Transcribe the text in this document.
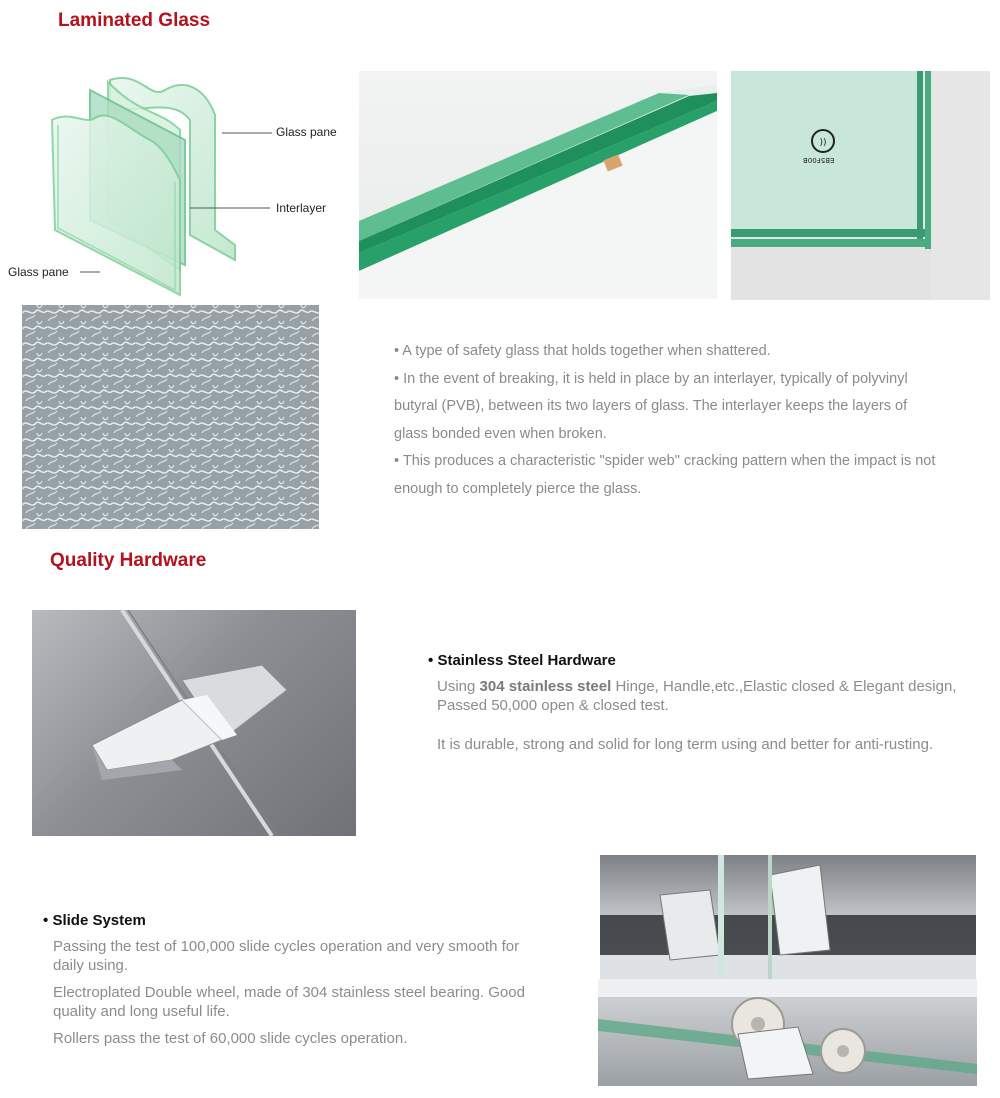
Laminated Glass
Glass pane
Interlayer
Glass pane
))
EB5F00B

• A type of safety glass that holds together when shattered.

• In the event of breaking, it is held in place by an interlayer, typically of polyvinyl butyral (PVB), between its two layers of glass. The interlayer keeps the layers of glass bonded even when broken.

• This produces a characteristic "spider web" cracking pattern when the impact is not enough to completely pierce the glass.

Quality Hardware
• Stainless Steel Hardware

Using 304 stainless steel Hinge, Handle,etc.,Elastic closed & Elegant design, Passed 50,000 open & closed test.

It is durable, strong and solid for long term using and better for anti-rusting.

• Slide System

Passing the test of 100,000 slide cycles operation and very smooth for daily using.

Electroplated Double wheel, made of 304 stainless steel bearing. Good quality and long useful life.

Rollers pass the test of 60,000 slide cycles operation.
